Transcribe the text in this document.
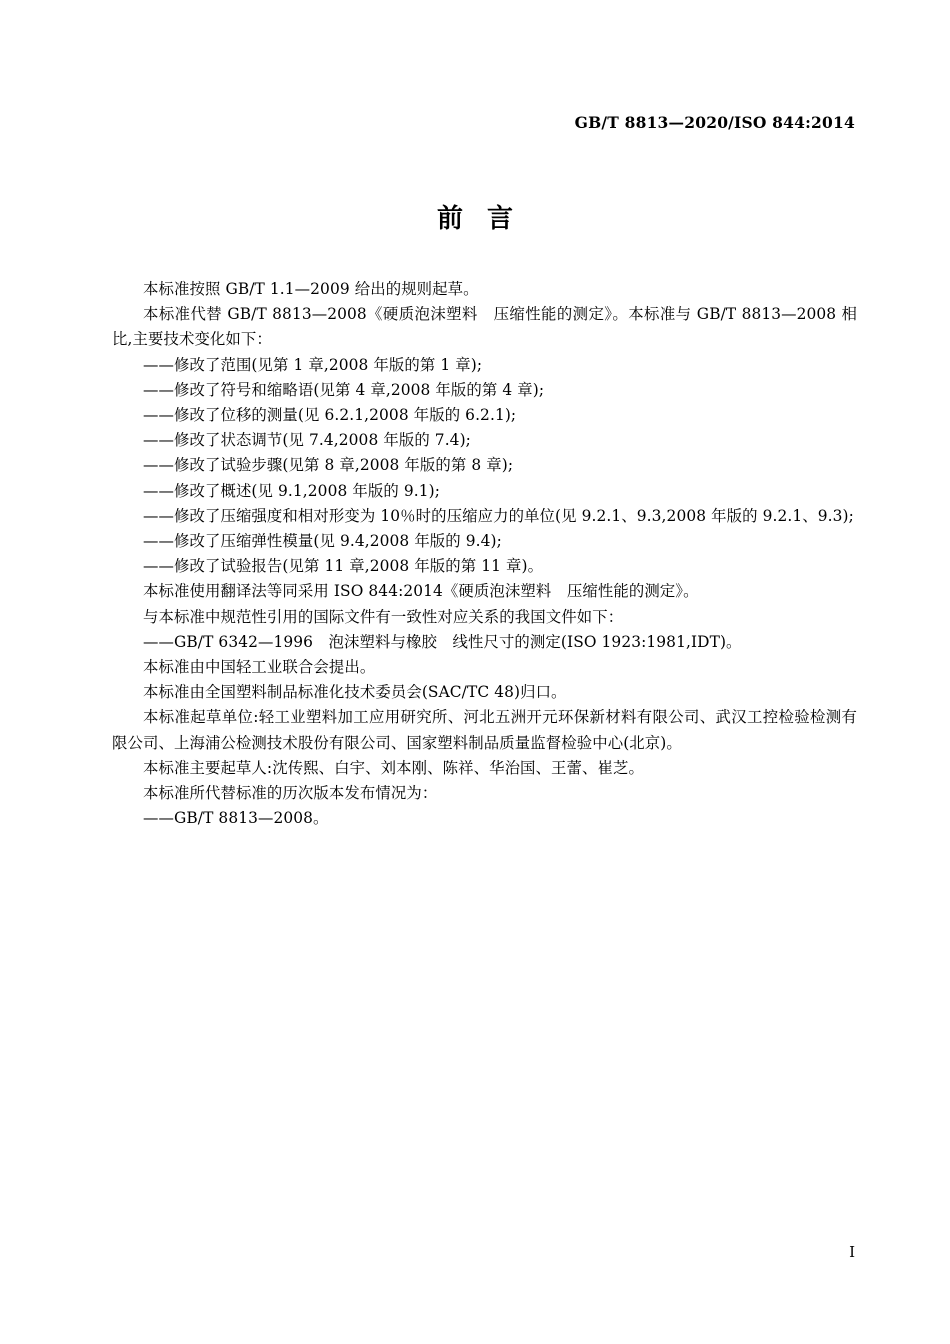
GB/T 8813—2020/ISO 844:2014
前言

本标准按照 GB/T 1.1—2009 给出的规则起草。

本标准代替 GB/T 8813—2008《硬质泡沫塑料　压缩性能的测定》。本标准与 GB/T 8813—2008 相比,主要技术变化如下：

——修改了范围(见第 1 章,2008 年版的第 1 章);

——修改了符号和缩略语(见第 4 章,2008 年版的第 4 章);

——修改了位移的测量(见 6.2.1,2008 年版的 6.2.1);

——修改了状态调节(见 7.4,2008 年版的 7.4);

——修改了试验步骤(见第 8 章,2008 年版的第 8 章);

——修改了概述(见 9.1,2008 年版的 9.1);

——修改了压缩强度和相对形变为 10％时的压缩应力的单位(见 9.2.1、9.3,2008 年版的 9.2.1、9.3);

——修改了压缩弹性模量(见 9.4,2008 年版的 9.4);

——修改了试验报告(见第 11 章,2008 年版的第 11 章)。

本标准使用翻译法等同采用 ISO 844:2014《硬质泡沫塑料　压缩性能的测定》。

与本标准中规范性引用的国际文件有一致性对应关系的我国文件如下：

——GB/T 6342—1996　泡沫塑料与橡胶　线性尺寸的测定(ISO 1923:1981,IDT)。

本标准由中国轻工业联合会提出。

本标准由全国塑料制品标准化技术委员会(SAC/TC 48)归口。

本标准起草单位:轻工业塑料加工应用研究所、河北五洲开元环保新材料有限公司、武汉工控检验检测有限公司、上海浦公检测技术股份有限公司、国家塑料制品质量监督检验中心(北京)。

本标准主要起草人:沈传熙、白宇、刘本刚、陈祥、华治国、王蕾、崔芝。

本标准所代替标准的历次版本发布情况为：

——GB/T 8813—2008。

I
